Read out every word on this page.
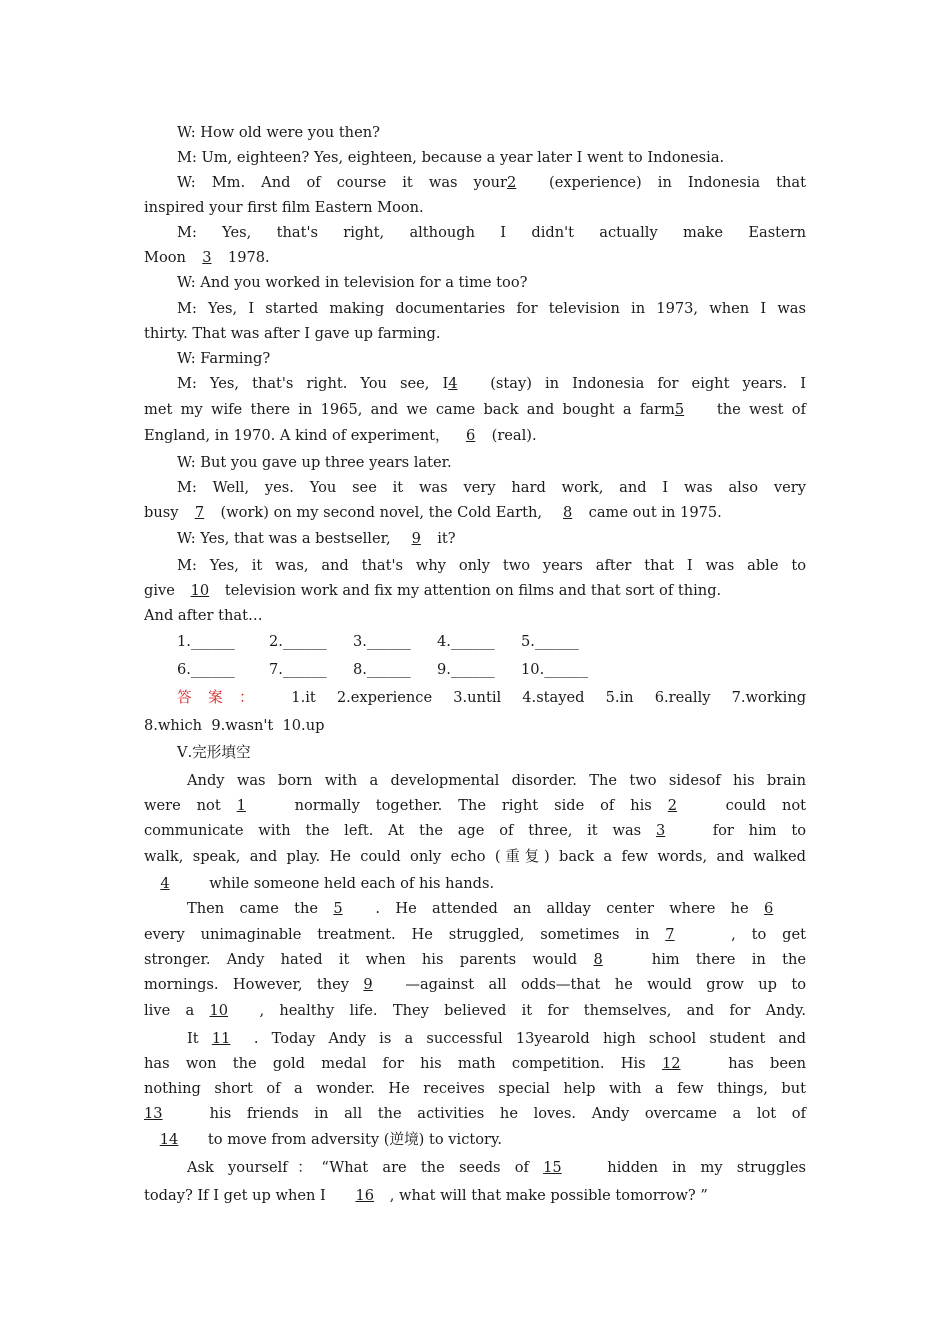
W: How old were you then?
M: Um, eighteen? Yes, eighteen, because a year later I went to Indonesia.
W: Mm. And of course it was your2 (experience) in Indonesia that
inspired your first film Eastern Moon.
M: Yes, that's right, although I didn't actually make Eastern
Moon 3 1978.
W: And you worked in television for a time too?
M: Yes, I started making documentaries for television in 1973, when I was
thirty. That was after I gave up farming.
W: Farming?
M: Yes, that's right. You see, I4 (stay) in Indonesia for eight years. I
met my wife there in 1965, and we came back and bought a farm5 the west of
England, in 1970. A kind of experiment， 6 (real).
W: But you gave up three years later.
M: Well, yes. You see it was very hard work, and I was also very
busy 7 (work) on my second novel, the Cold Earth, 8 came out in 1975.
W: Yes, that was a bestseller, 9 it?
M: Yes, it was, and that's why only two years after that I was able to
give 10 television work and fix my attention on films and that sort of thing.
And after that…
1.______ 2.______ 3.______ 4.______ 5.______
6.______ 7.______ 8.______ 9.______ 10.______
答案： 1.it 2.experience 3.until 4.stayed 5.in 6.really 7.working
8.which  9.wasn't  10.up
Ⅴ.完形填空
Andy was born with a developmental disorder. The two sidesof his brain
were not 1	normally together. The right side of his 2	could not
communicate with the left. At the age of three, it was 3	for him to
walk, speak, and play. He could only echo (重复) back a few words, and walked
4	while someone held each of his hands.
Then came the 5 . He attended an allday center where he 6
every unimaginable treatment. He struggled, sometimes in 7	, to get
stronger. Andy hated it when his parents would 8	him there in the
mornings. However, they 9 —against all odds—that he would grow up to
live a 10 , healthy life. They believed it for themselves, and for Andy.
It 11 . Today Andy is a successful 13yearold high school student and
has won the gold medal for his math competition. His 12	has been
nothing short of a wonder. He receives special help with a few things, but
13	his friends in all the activities he loves. Andy overcame a lot of
14 to move from adversity (逆境) to victory.
Ask yourself：“What are the seeds of 15	hidden in my struggles
today? If I get up when I 16 , what will that make possible tomorrow? ”
